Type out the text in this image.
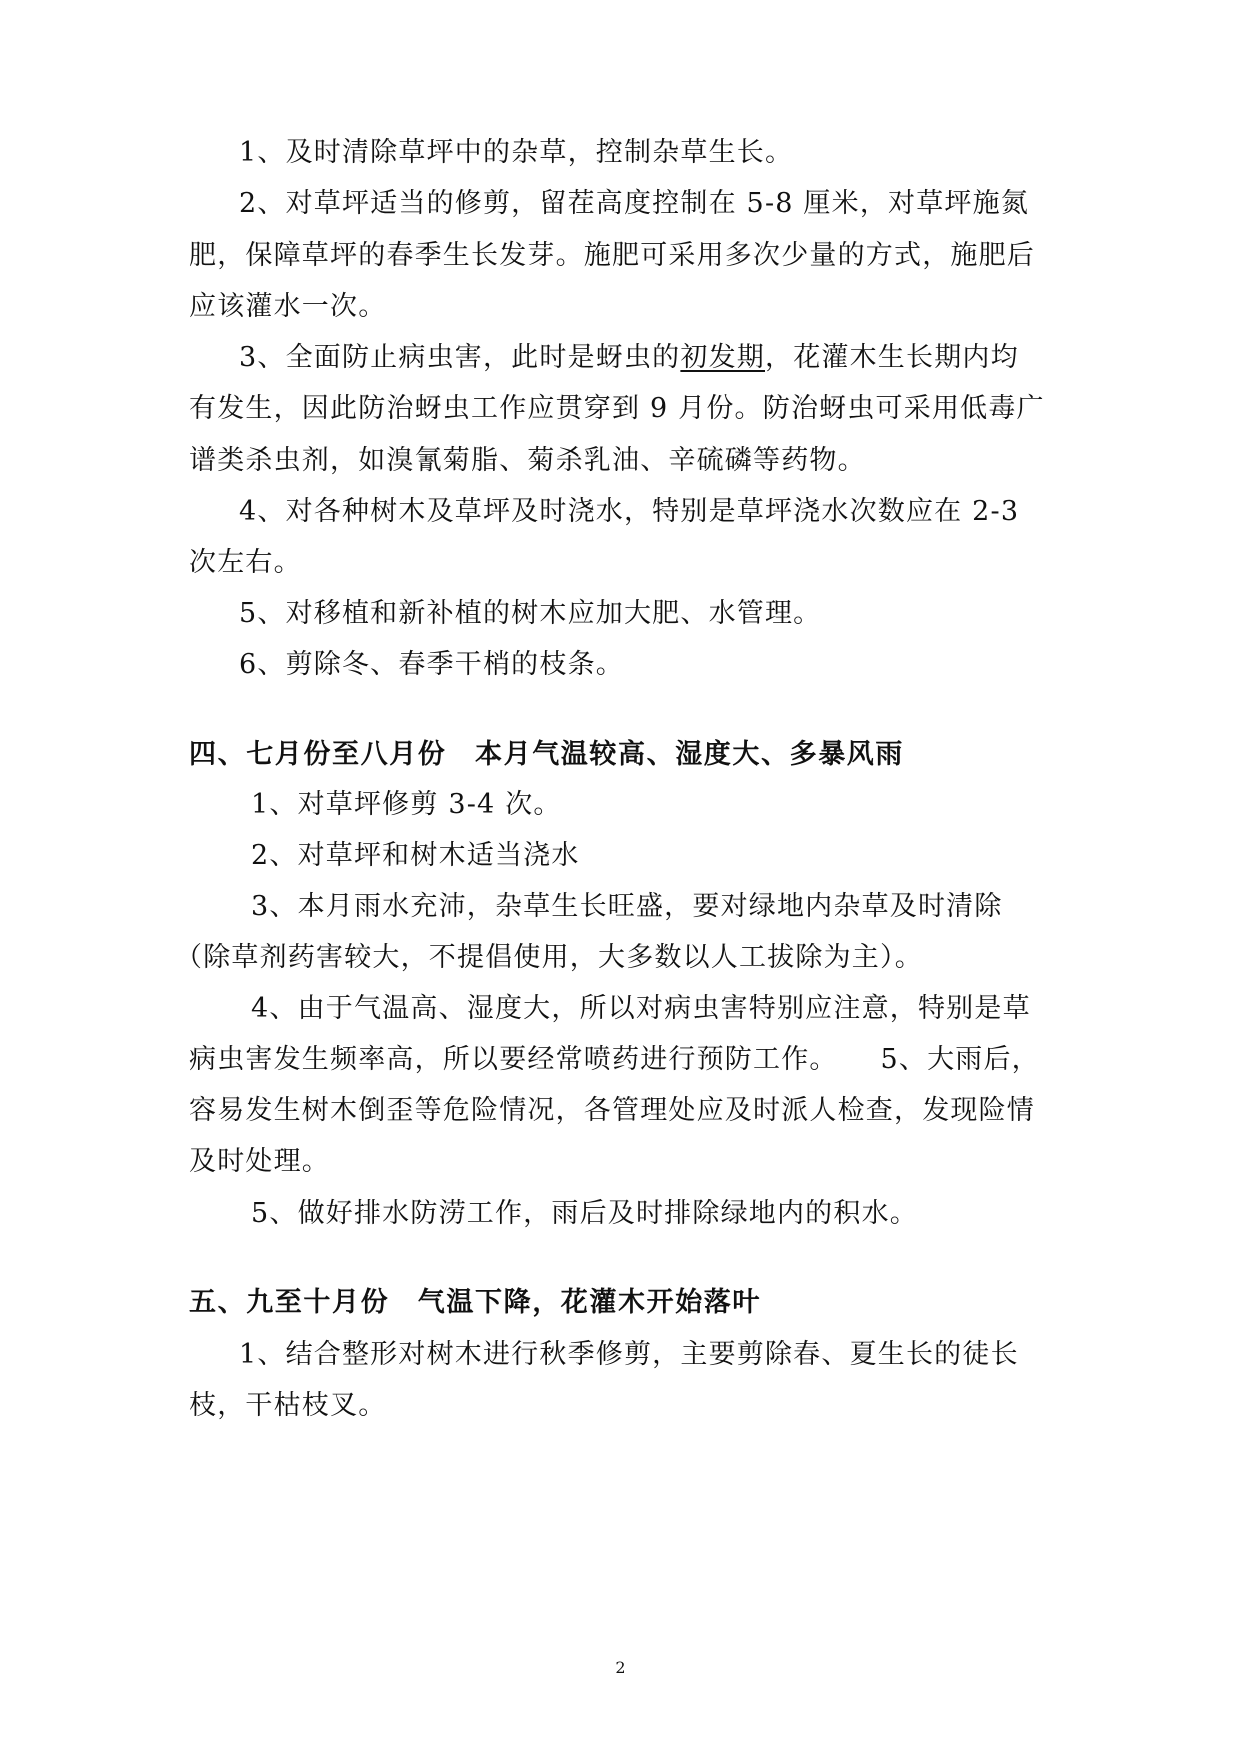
1、及时清除草坪中的杂草，控制杂草生长。
2、对草坪适当的修剪，留茬高度控制在 5-8 厘米，对草坪施氮
肥，保障草坪的春季生长发芽。施肥可采用多次少量的方式，施肥后
应该灌水一次。
3、全面防止病虫害，此时是蚜虫的初发期，花灌木生长期内均
有发生，因此防治蚜虫工作应贯穿到 9 月份。防治蚜虫可采用低毒广
谱类杀虫剂，如溴氰菊脂、菊杀乳油、辛硫磷等药物。
4、对各种树木及草坪及时浇水，特别是草坪浇水次数应在 2-3
次左右。
5、对移植和新补植的树木应加大肥、水管理。
6、剪除冬、春季干梢的枝条。
四、七月份至八月份　本月气温较高、湿度大、多暴风雨
1、对草坪修剪 3-4 次。
2、对草坪和树木适当浇水
3、本月雨水充沛，杂草生长旺盛，要对绿地内杂草及时清除
（除草剂药害较大，不提倡使用，大多数以人工拔除为主）。
4、由于气温高、湿度大，所以对病虫害特别应注意，特别是草
病虫害发生频率高，所以要经常喷药进行预防工作。　　5、大雨后，
容易发生树木倒歪等危险情况，各管理处应及时派人检查，发现险情
及时处理。
5、做好排水防涝工作，雨后及时排除绿地内的积水。
五、九至十月份　气温下降，花灌木开始落叶
1、结合整形对树木进行秋季修剪，主要剪除春、夏生长的徒长
枝，干枯枝叉。
2
